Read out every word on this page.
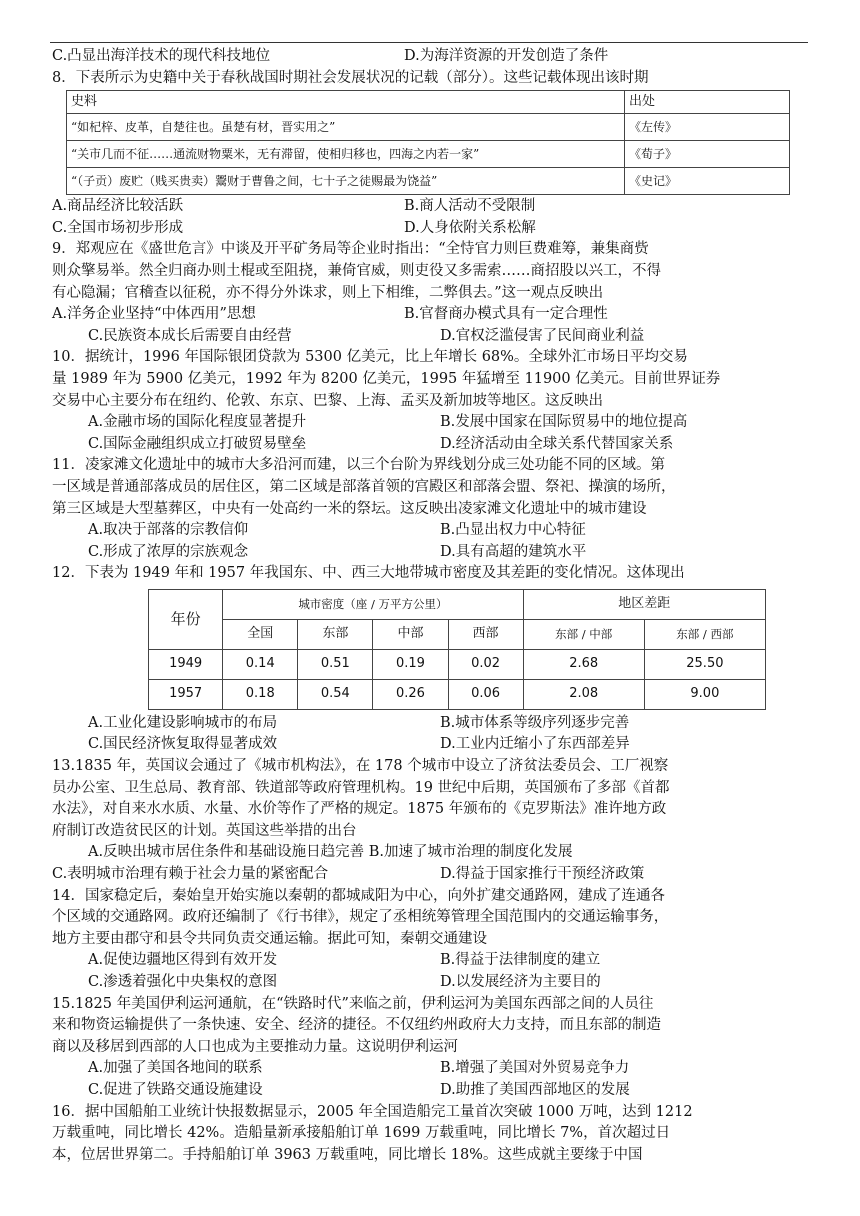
C.凸显出海洋技术的现代科技地位	D.为海洋资源的开发创造了条件

8．下表所示为史籍中关于春秋战国时期社会发展状况的记载（部分）。这些记载体现出该时期

史料	出处
“如杞梓、皮革，自楚往也。虽楚有材，晋实用之”	《左传》
“关市几而不征……通流财物粟米，无有滞留，使相归移也，四海之内若一家”	《荀子》
“（子贡）废贮（贱买贵卖）鬻财于曹鲁之间，七十子之徒赐最为饶益”	《史记》
A.商品经济比较活跃	B.商人活动不受限制
C.全国市场初步形成	D.人身依附关系松解

9．郑观应在《盛世危言》中谈及开平矿务局等企业时指出：“全恃官力则巨费难筹，兼集商赀

则众擎易举。然全归商办则土棍或至阻挠，兼倚官威，则吏役又多需索……商招股以兴工，不得

有心隐漏；官稽查以征税，亦不得分外诛求，则上下相维，二弊俱去。”这一观点反映出

A.洋务企业坚持“中体西用”思想	B.官督商办模式具有一定合理性
C.民族资本成长后需要自由经营	D.官权泛滥侵害了民间商业利益

10．据统计，1996 年国际银团贷款为 5300 亿美元，比上年增长 68%。全球外汇市场日平均交易

量 1989 年为 5900 亿美元，1992 年为 8200 亿美元，1995 年猛增至 11900 亿美元。目前世界证券

交易中心主要分布在纽约、伦敦、东京、巴黎、上海、孟买及新加坡等地区。这反映出

A.金融市场的国际化程度显著提升	B.发展中国家在国际贸易中的地位提高
C.国际金融组织成立打破贸易壁垒	D.经济活动由全球关系代替国家关系

11．凌家滩文化遗址中的城市大多沿河而建，以三个台阶为界线划分成三处功能不同的区域。第

一区域是普通部落成员的居住区，第二区域是部落首领的宫殿区和部落会盟、祭祀、操演的场所，

第三区域是大型墓葬区，中央有一处高约一米的祭坛。这反映出凌家滩文化遗址中的城市建设

A.取决于部落的宗教信仰	B.凸显出权力中心特征
C.形成了浓厚的宗族观念	D.具有高超的建筑水平

12．下表为 1949 年和 1957 年我国东、中、西三大地带城市密度及其差距的变化情况。这体现出

年份	城市密度（座 / 万平方公里）				地区差距	
	全国	东部	中部	西部	东部 / 中部	东部 / 西部
1949	0.14	0.51	0.19	0.02	2.68	25.50
1957	0.18	0.54	0.26	0.06	2.08	9.00
A.工业化建设影响城市的布局	B.城市体系等级序列逐步完善
C.国民经济恢复取得显著成效	D.工业内迁缩小了东西部差异

13.1835 年，英国议会通过了《城市机构法》，在 178 个城市中设立了济贫法委员会、工厂视察

员办公室、卫生总局、教育部、铁道部等政府管理机构。19 世纪中后期，英国颁布了多部《首都

水法》，对自来水水质、水量、水价等作了严格的规定。1875 年颁布的《克罗斯法》准许地方政

府制订改造贫民区的计划。英国这些举措的出台

A.反映出城市居住条件和基础设施日趋完善 B.加速了城市治理的制度化发展

C.表明城市治理有赖于社会力量的紧密配合	D.得益于国家推行干预经济政策

14．国家稳定后，秦始皇开始实施以秦朝的都城咸阳为中心，向外扩建交通路网，建成了连通各

个区域的交通路网。政府还编制了《行书律》，规定了丞相统筹管理全国范围内的交通运输事务，

地方主要由郡守和县令共同负责交通运输。据此可知，秦朝交通建设

A.促使边疆地区得到有效开发	B.得益于法律制度的建立
C.渗透着强化中央集权的意图	D.以发展经济为主要目的

15.1825 年美国伊利运河通航，在“铁路时代”来临之前，伊利运河为美国东西部之间的人员往

来和物资运输提供了一条快速、安全、经济的捷径。不仅纽约州政府大力支持，而且东部的制造

商以及移居到西部的人口也成为主要推动力量。这说明伊利运河

A.加强了美国各地间的联系	B.增强了美国对外贸易竞争力
C.促进了铁路交通设施建设	D.助推了美国西部地区的发展

16．据中国船舶工业统计快报数据显示，2005 年全国造船完工量首次突破 1000 万吨，达到 1212

万载重吨，同比增长 42%。造船量新承接船舶订单 1699 万载重吨，同比增长 7%，首次超过日

本，位居世界第二。手持船舶订单 3963 万载重吨，同比增长 18%。这些成就主要缘于中国
